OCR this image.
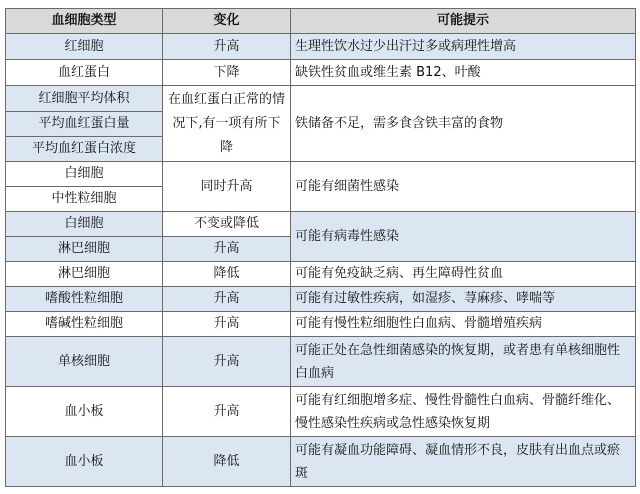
血细胞类型	变化	可能提示
红细胞	升高	生理性饮水过少出汗过多或病理性增高
血红蛋白	下降	缺铁性贫血或维生素 B12、叶酸
红细胞平均体积	在血红蛋白正常的情况下,有一项有所下降	铁储备不足，需多食含铁丰富的食物
平均血红蛋白量		
平均血红蛋白浓度		
白细胞	同时升高	可能有细菌性感染
中性粒细胞		
白细胞	不变或降低	可能有病毒性感染
淋巴细胞	升高	
淋巴细胞	降低	可能有免疫缺乏病、再生障碍性贫血
嗜酸性粒细胞	升高	可能有过敏性疾病，如湿疹、荨麻疹、哮喘等
嗜碱性粒细胞	升高	可能有慢性粒细胞性白血病、骨髓增殖疾病
单核细胞	升高	可能正处在急性细菌感染的恢复期，或者患有单核细胞性白血病
血小板	升高	可能有红细胞增多症、慢性骨髓性白血病、骨髓纤维化、慢性感染性疾病或急性感染恢复期
血小板	降低	可能有凝血功能障碍、凝血情形不良，皮肤有出血点或瘀斑
